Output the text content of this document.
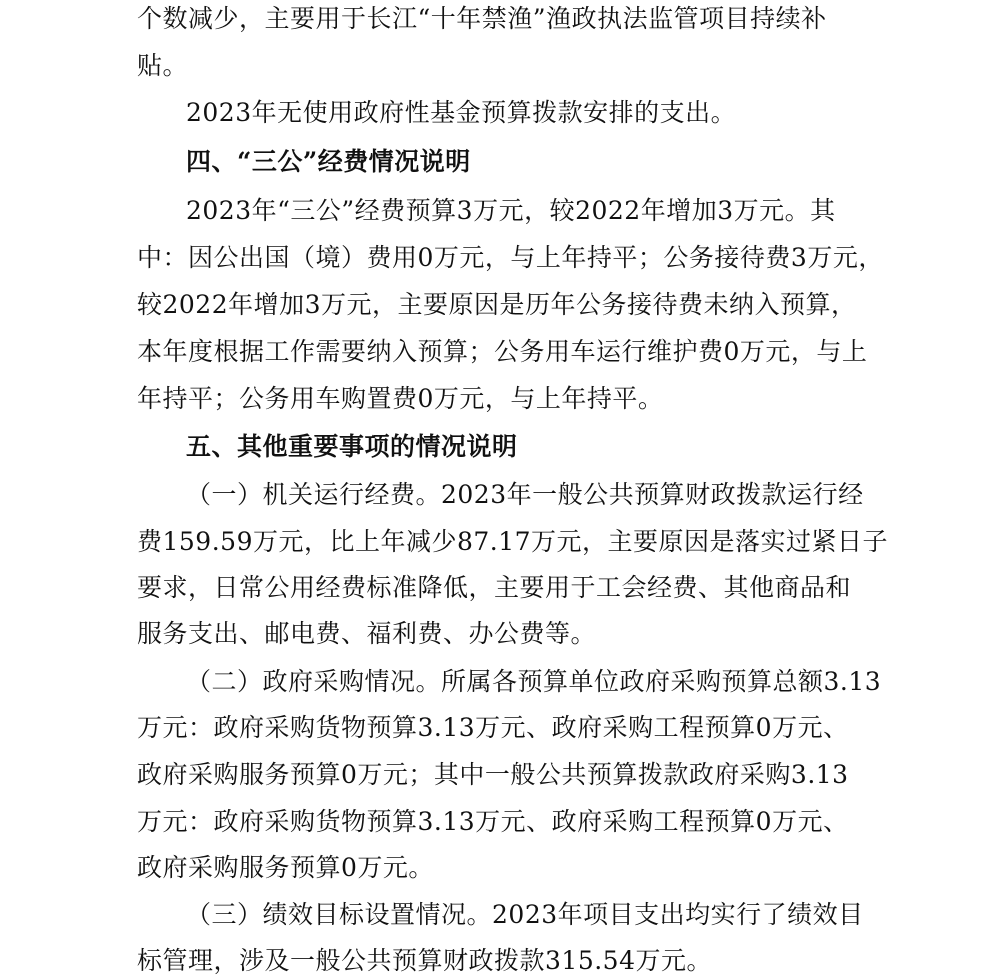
个数减少，主要用于长江“十年禁渔”渔政执法监管项目持续补
贴。
2023年无使用政府性基金预算拨款安排的支出。
四、“三公”经费情况说明
2023年“三公”经费预算3万元，较2022年增加3万元。其
中：因公出国（境）费用0万元，与上年持平；公务接待费3万元，
较2022年增加3万元，主要原因是历年公务接待费未纳入预算，
本年度根据工作需要纳入预算；公务用车运行维护费0万元，与上
年持平；公务用车购置费0万元，与上年持平。
五、其他重要事项的情况说明
（一）机关运行经费。2023年一般公共预算财政拨款运行经
费159.59万元，比上年减少87.17万元，主要原因是落实过紧日子
要求，日常公用经费标准降低，主要用于工会经费、其他商品和
服务支出、邮电费、福利费、办公费等。
（二）政府采购情况。所属各预算单位政府采购预算总额3.13
万元：政府采购货物预算3.13万元、政府采购工程预算0万元、
政府采购服务预算0万元；其中一般公共预算拨款政府采购3.13
万元：政府采购货物预算3.13万元、政府采购工程预算0万元、
政府采购服务预算0万元。
（三）绩效目标设置情况。2023年项目支出均实行了绩效目
标管理，涉及一般公共预算财政拨款315.54万元。
